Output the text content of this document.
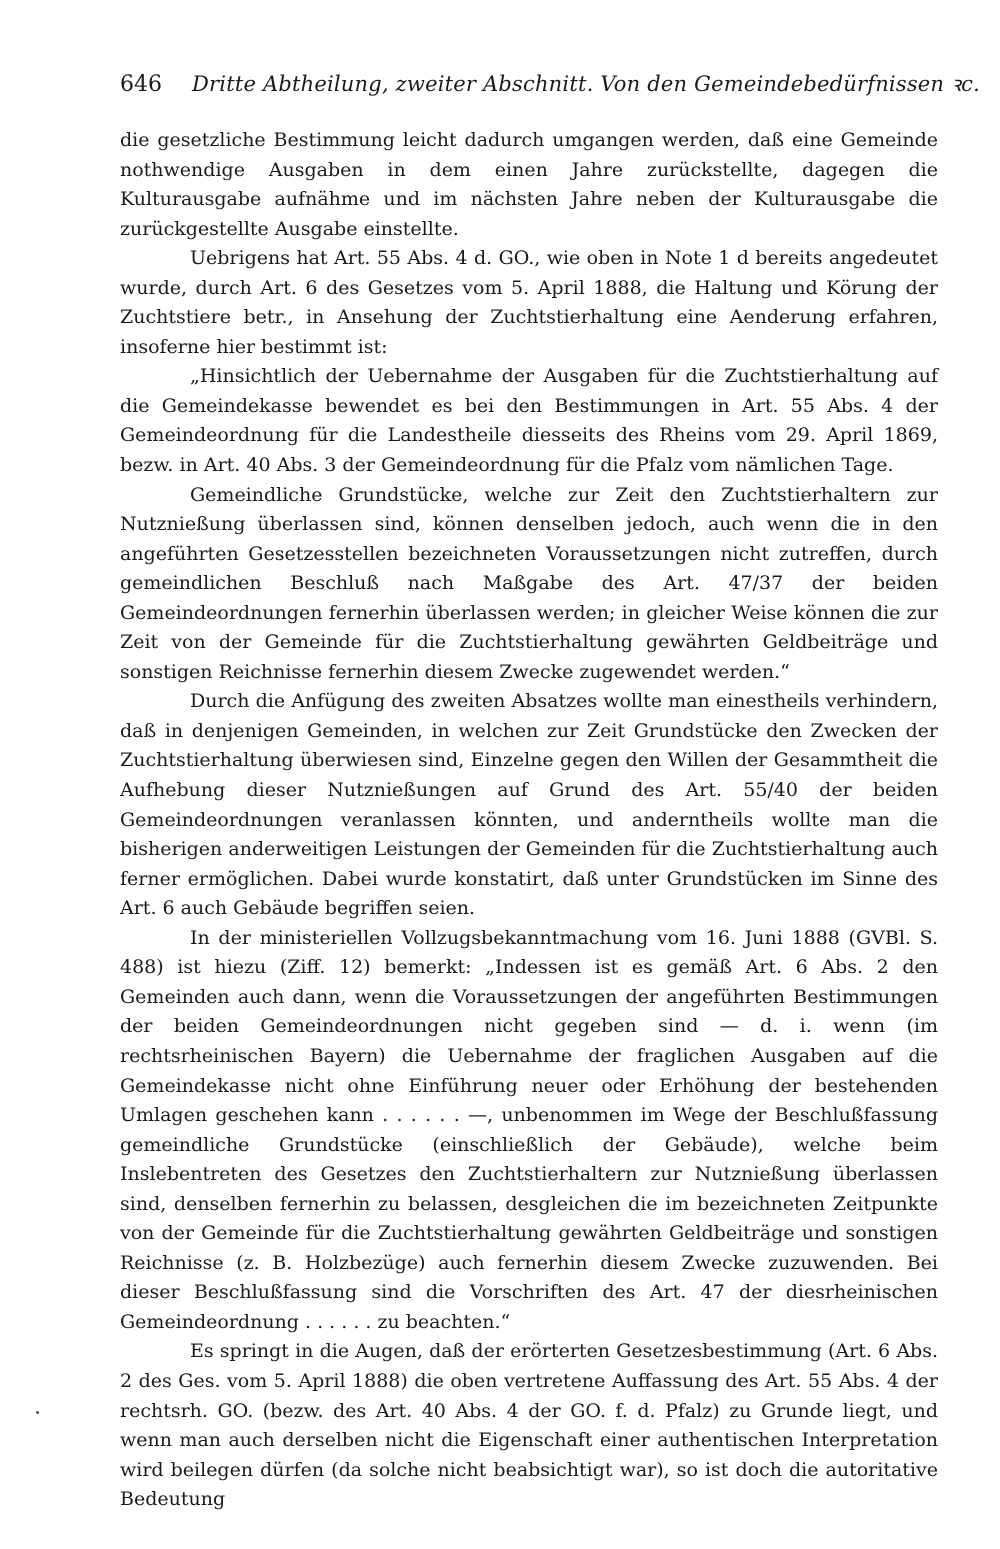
646 Dritte Abtheilung, zweiter Abschnitt. Von den Gemeindebedürfnissen ꝛc.

die gesetzliche Bestimmung leicht dadurch umgangen werden, daß eine Gemeinde nothwendige Ausgaben in dem einen Jahre zurückstellte, dagegen die Kulturausgabe aufnähme und im nächsten Jahre neben der Kulturausgabe die zurückgestellte Ausgabe einstellte.

Uebrigens hat Art. 55 Abs. 4 d. GO., wie oben in Note 1 d bereits angedeutet wurde, durch Art. 6 des Gesetzes vom 5. April 1888, die Haltung und Körung der Zuchtstiere betr., in Ansehung der Zuchtstierhaltung eine Aenderung erfahren, insoferne hier bestimmt ist:

„Hinsichtlich der Uebernahme der Ausgaben für die Zuchtstierhaltung auf die Gemeindekasse bewendet es bei den Bestimmungen in Art. 55 Abs. 4 der Gemeindeordnung für die Landestheile diesseits des Rheins vom 29. April 1869, bezw. in Art. 40 Abs. 3 der Gemeindeordnung für die Pfalz vom nämlichen Tage.

Gemeindliche Grundstücke, welche zur Zeit den Zuchtstierhaltern zur Nutznießung überlassen sind, können denselben jedoch, auch wenn die in den angeführten Gesetzesstellen bezeichneten Voraussetzungen nicht zutreffen, durch gemeindlichen Beschluß nach Maßgabe des Art. 47/37 der beiden Gemeindeordnungen fernerhin überlassen werden; in gleicher Weise können die zur Zeit von der Gemeinde für die Zuchtstierhaltung gewährten Geldbeiträge und sonstigen Reichnisse fernerhin diesem Zwecke zugewendet werden.“

Durch die Anfügung des zweiten Absatzes wollte man einestheils verhindern, daß in denjenigen Gemeinden, in welchen zur Zeit Grundstücke den Zwecken der Zuchtstierhaltung überwiesen sind, Einzelne gegen den Willen der Gesammtheit die Aufhebung dieser Nutznießungen auf Grund des Art. 55/40 der beiden Gemeindeordnungen veranlassen könnten, und anderntheils wollte man die bisherigen anderweitigen Leistungen der Gemeinden für die Zuchtstierhaltung auch ferner ermöglichen. Dabei wurde konstatirt, daß unter Grundstücken im Sinne des Art. 6 auch Gebäude begriffen seien.

In der ministeriellen Vollzugsbekanntmachung vom 16. Juni 1888 (GVBl. S. 488) ist hiezu (Ziff. 12) bemerkt: „Indessen ist es gemäß Art. 6 Abs. 2 den Gemeinden auch dann, wenn die Voraussetzungen der angeführten Bestimmungen der beiden Gemeindeordnungen nicht gegeben sind — d. i. wenn (im rechtsrheinischen Bayern) die Uebernahme der fraglichen Ausgaben auf die Gemeindekasse nicht ohne Einführung neuer oder Erhöhung der bestehenden Umlagen geschehen kann . . . . . . —, unbenommen im Wege der Beschlußfassung gemeindliche Grundstücke (einschließlich der Gebäude), welche beim Inslebentreten des Gesetzes den Zuchtstierhaltern zur Nutznießung überlassen sind, denselben fernerhin zu belassen, desgleichen die im bezeichneten Zeitpunkte von der Gemeinde für die Zuchtstierhaltung gewährten Geldbeiträge und sonstigen Reichnisse (z. B. Holzbezüge) auch fernerhin diesem Zwecke zuzuwenden. Bei dieser Beschlußfassung sind die Vorschriften des Art. 47 der diesrheinischen Gemeindeordnung . . . . . . zu beachten.“

Es springt in die Augen, daß der erörterten Gesetzesbestimmung (Art. 6 Abs. 2 des Ges. vom 5. April 1888) die oben vertretene Auffassung des Art. 55 Abs. 4 der rechtsrh. GO. (bezw. des Art. 40 Abs. 4 der GO. f. d. Pfalz) zu Grunde liegt, und wenn man auch derselben nicht die Eigenschaft einer authentischen Interpretation wird beilegen dürfen (da solche nicht beabsichtigt war), so ist doch die autoritative Bedeutung
